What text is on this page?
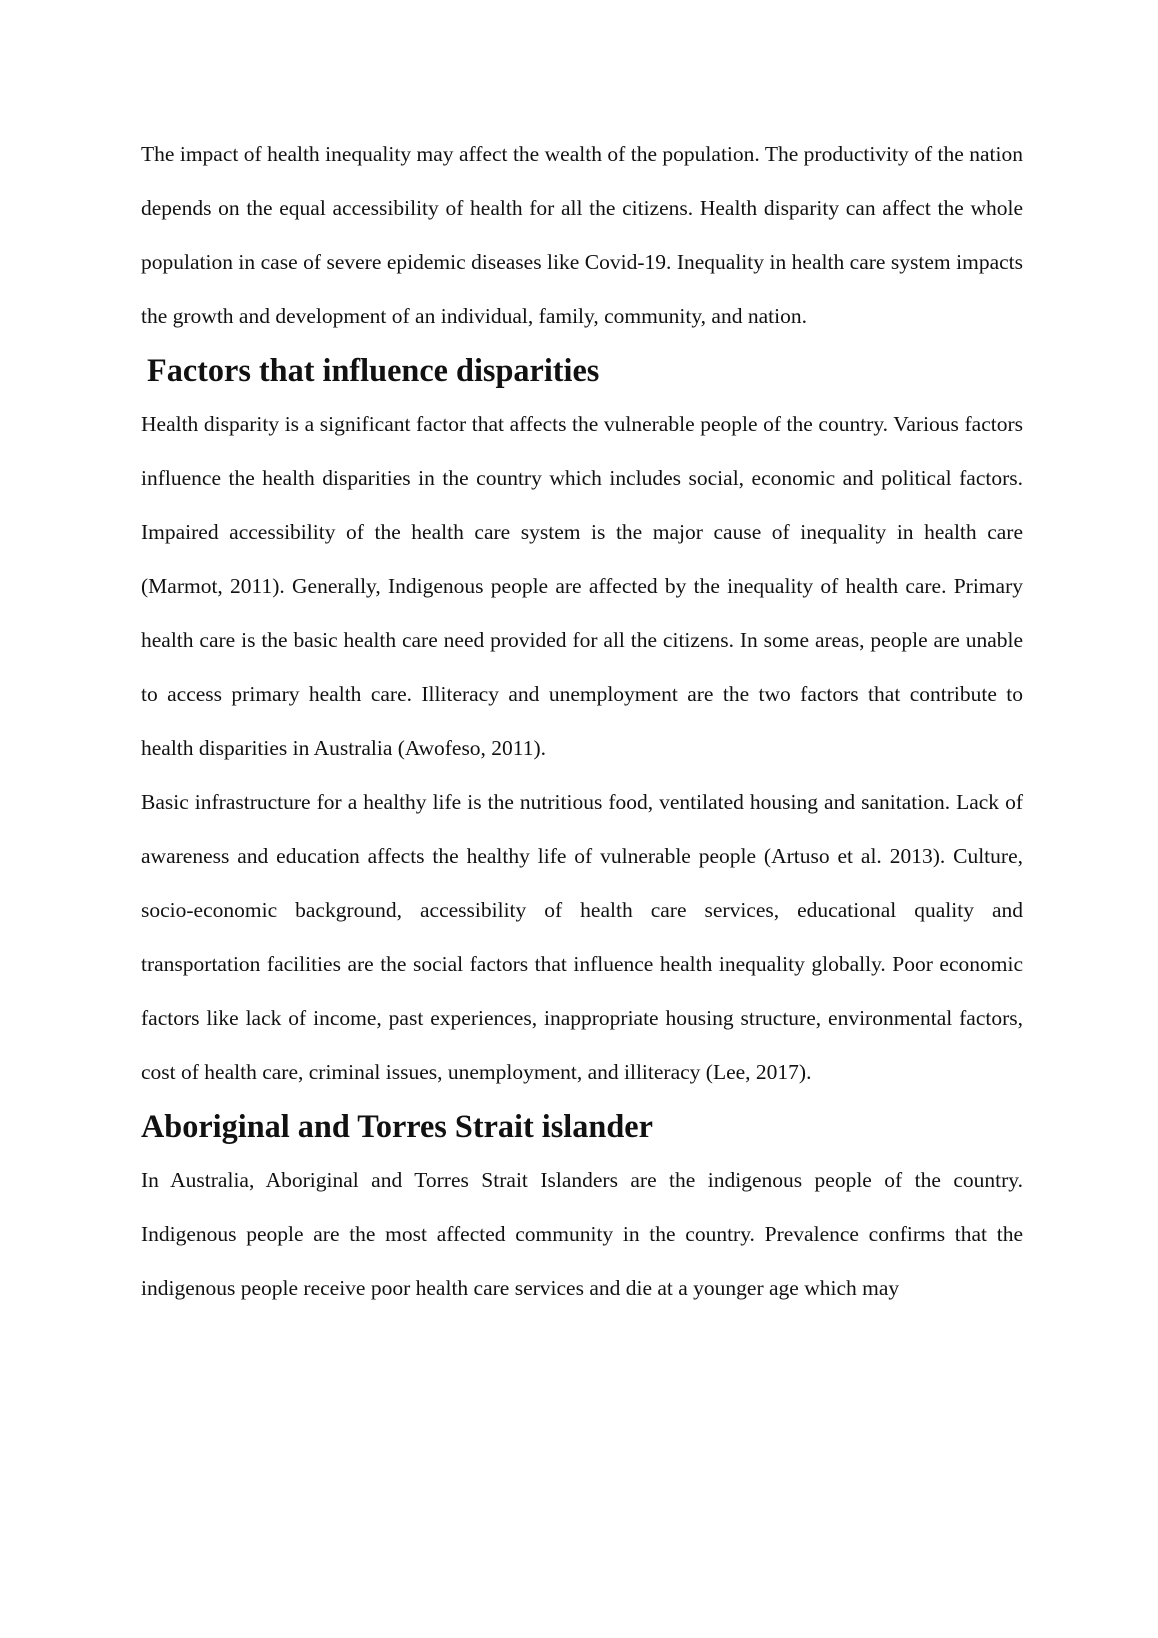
The impact of health inequality may affect the wealth of the population. The productivity of the nation depends on the equal accessibility of health for all the citizens. Health disparity can affect the whole population in case of severe epidemic diseases like Covid-19. Inequality in health care system impacts the growth and development of an individual, family, community, and nation.

Factors that influence disparities

Health disparity is a significant factor that affects the vulnerable people of the country. Various factors influence the health disparities in the country which includes social, economic and political factors. Impaired accessibility of the health care system is the major cause of inequality in health care (Marmot, 2011). Generally, Indigenous people are affected by the inequality of health care. Primary health care is the basic health care need provided for all the citizens. In some areas, people are unable to access primary health care. Illiteracy and unemployment are the two factors that contribute to health disparities in Australia (Awofeso, 2011).

Basic infrastructure for a healthy life is the nutritious food, ventilated housing and sanitation. Lack of awareness and education affects the healthy life of vulnerable people (Artuso et al. 2013). Culture, socio-economic background, accessibility of health care services, educational quality and transportation facilities are the social factors that influence health inequality globally. Poor economic factors like lack of income, past experiences, inappropriate housing structure, environmental factors, cost of health care, criminal issues, unemployment, and illiteracy (Lee, 2017).

Aboriginal and Torres Strait islander

In Australia, Aboriginal and Torres Strait Islanders are the indigenous people of the country. Indigenous people are the most affected community in the country. Prevalence confirms that the indigenous people receive poor health care services and die at a younger age which may
